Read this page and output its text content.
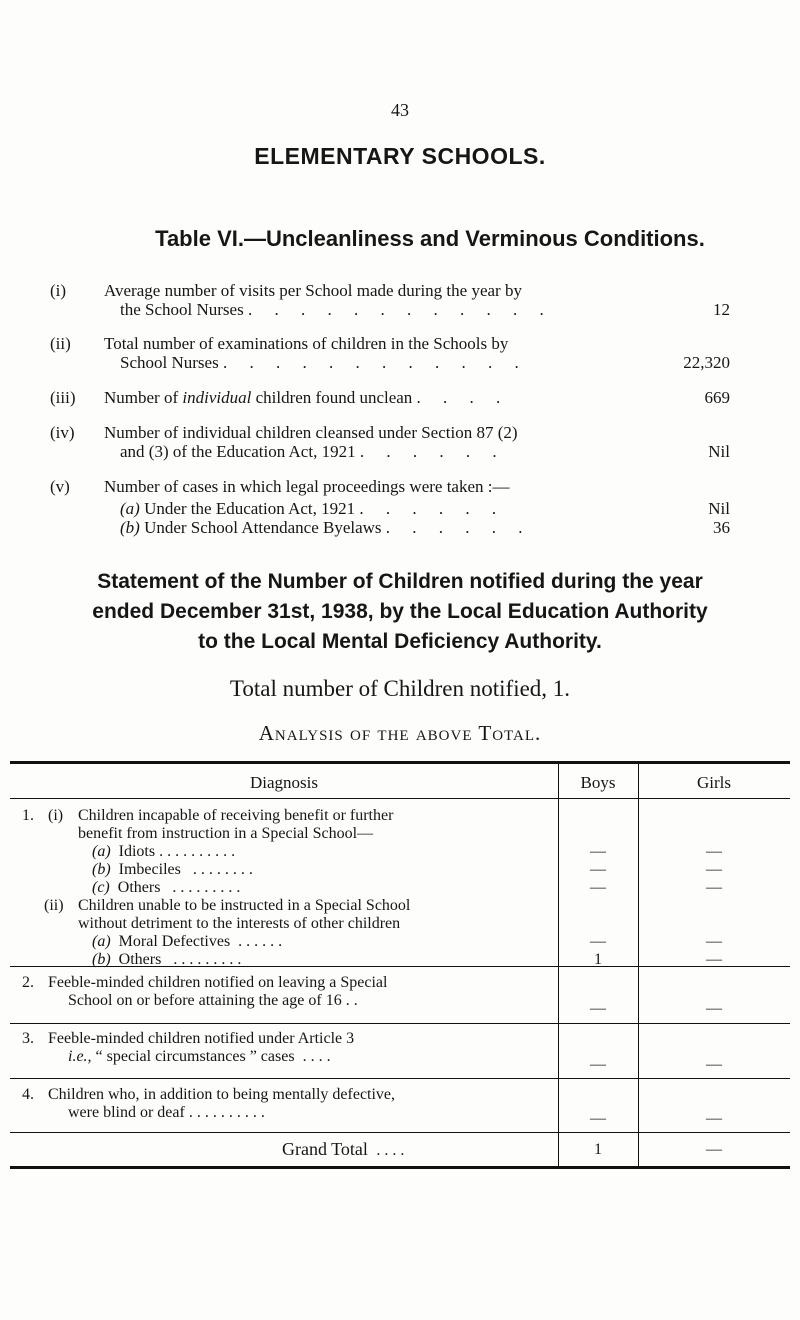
43
ELEMENTARY SCHOOLS.
Table VI.—Uncleanliness and Verminous Conditions.
(i)	Average number of visits per School made during the year by
the School Nurses . . . . . . . . . . . .	12
(ii)	Total number of examinations of children in the Schools by
School Nurses . . . . . . . . . . . .	22,320
(iii)	Number of individual children found unclean . . . .	669
(iv)	Number of individual children cleansed under Section 87 (2)
and (3) of the Education Act, 1921 . . . . . .	Nil
(v)	Number of cases in which legal proceedings were taken :—
(a) Under the Education Act, 1921 . . . . . .	Nil
(b) Under School Attendance Byelaws . . . . . .	36
Statement of the Number of Children notified during the year
ended December 31st, 1938, by the Local Education Authority
to the Local Mental Deficiency Authority.
Total number of Children notified, 1.
Analysis of the above Total.
Diagnosis	Boys	Girls
1. (i) Children incapable of receiving benefit or further
benefit from instruction in a Special School—
(a) Idiots . . . . . . . . . .	—	—
(b) Imbeciles   . . . . . . . .	—	—
(c) Others   . . . . . . . . .	—	—
(ii) Children unable to be instructed in a Special School
without detriment to the interests of other children
(a) Moral Defectives  . . . . . .	—	—
(b) Others   . . . . . . . . .	1	—
2. Feeble-minded children notified on leaving a Special
School on or before attaining the age of 16 . .	—	—
3. Feeble-minded children notified under Article 3
i.e., “ special circumstances ” cases  . . . .	—	—
4. Children who, in addition to being mentally defective,
were blind or deaf . . . . . . . . . .	—	—
Grand Total  . . . .	1	—
